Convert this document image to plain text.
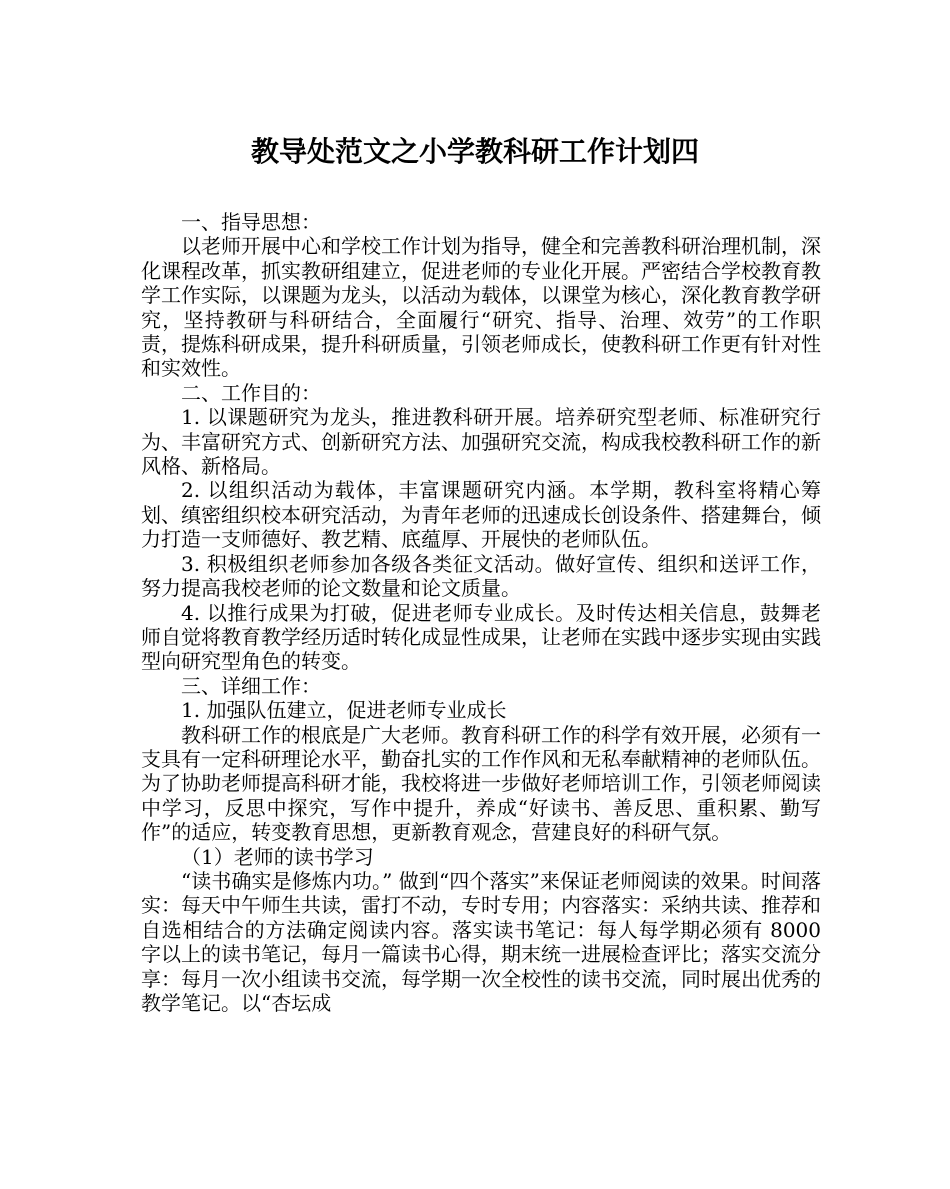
教导处范文之小学教科研工作计划四

一、指导思想：

以老师开展中心和学校工作计划为指导，健全和完善教科研治理机制，深化课程改革，抓实教研组建立，促进老师的专业化开展。严密结合学校教育教学工作实际，以课题为龙头，以活动为载体，以课堂为核心，深化教育教学研究，坚持教研与科研结合，全面履行“研究、指导、治理、效劳”的工作职责，提炼科研成果，提升科研质量，引领老师成长，使教科研工作更有针对性和实效性。

二、工作目的：

1. 以课题研究为龙头，推进教科研开展。培养研究型老师、标准研究行为、丰富研究方式、创新研究方法、加强研究交流，构成我校教科研工作的新风格、新格局。

2. 以组织活动为载体，丰富课题研究内涵。本学期，教科室将精心筹划、缜密组织校本研究活动，为青年老师的迅速成长创设条件、搭建舞台，倾力打造一支师德好、教艺精、底蕴厚、开展快的老师队伍。

3. 积极组织老师参加各级各类征文活动。做好宣传、组织和送评工作，努力提高我校老师的论文数量和论文质量。

4. 以推行成果为打破，促进老师专业成长。及时传达相关信息，鼓舞老师自觉将教育教学经历适时转化成显性成果，让老师在实践中逐步实现由实践型向研究型角色的转变。

三、详细工作：

1. 加强队伍建立，促进老师专业成长

教科研工作的根底是广大老师。教育科研工作的科学有效开展，必须有一支具有一定科研理论水平，勤奋扎实的工作作风和无私奉献精神的老师队伍。为了协助老师提高科研才能，我校将进一步做好老师培训工作，引领老师阅读中学习，反思中探究，写作中提升，养成“好读书、善反思、重积累、勤写作”的适应，转变教育思想，更新教育观念，营建良好的科研气氛。

（1）老师的读书学习

“读书确实是修炼内功。” 做到“四个落实”来保证老师阅读的效果。时间落实：每天中午师生共读，雷打不动，专时专用；内容落实：采纳共读、推荐和自选相结合的方法确定阅读内容。落实读书笔记：每人每学期必须有 8000 字以上的读书笔记，每月一篇读书心得，期末统一进展检查评比；落实交流分享：每月一次小组读书交流，每学期一次全校性的读书交流，同时展出优秀的教学笔记。以“杏坛成
